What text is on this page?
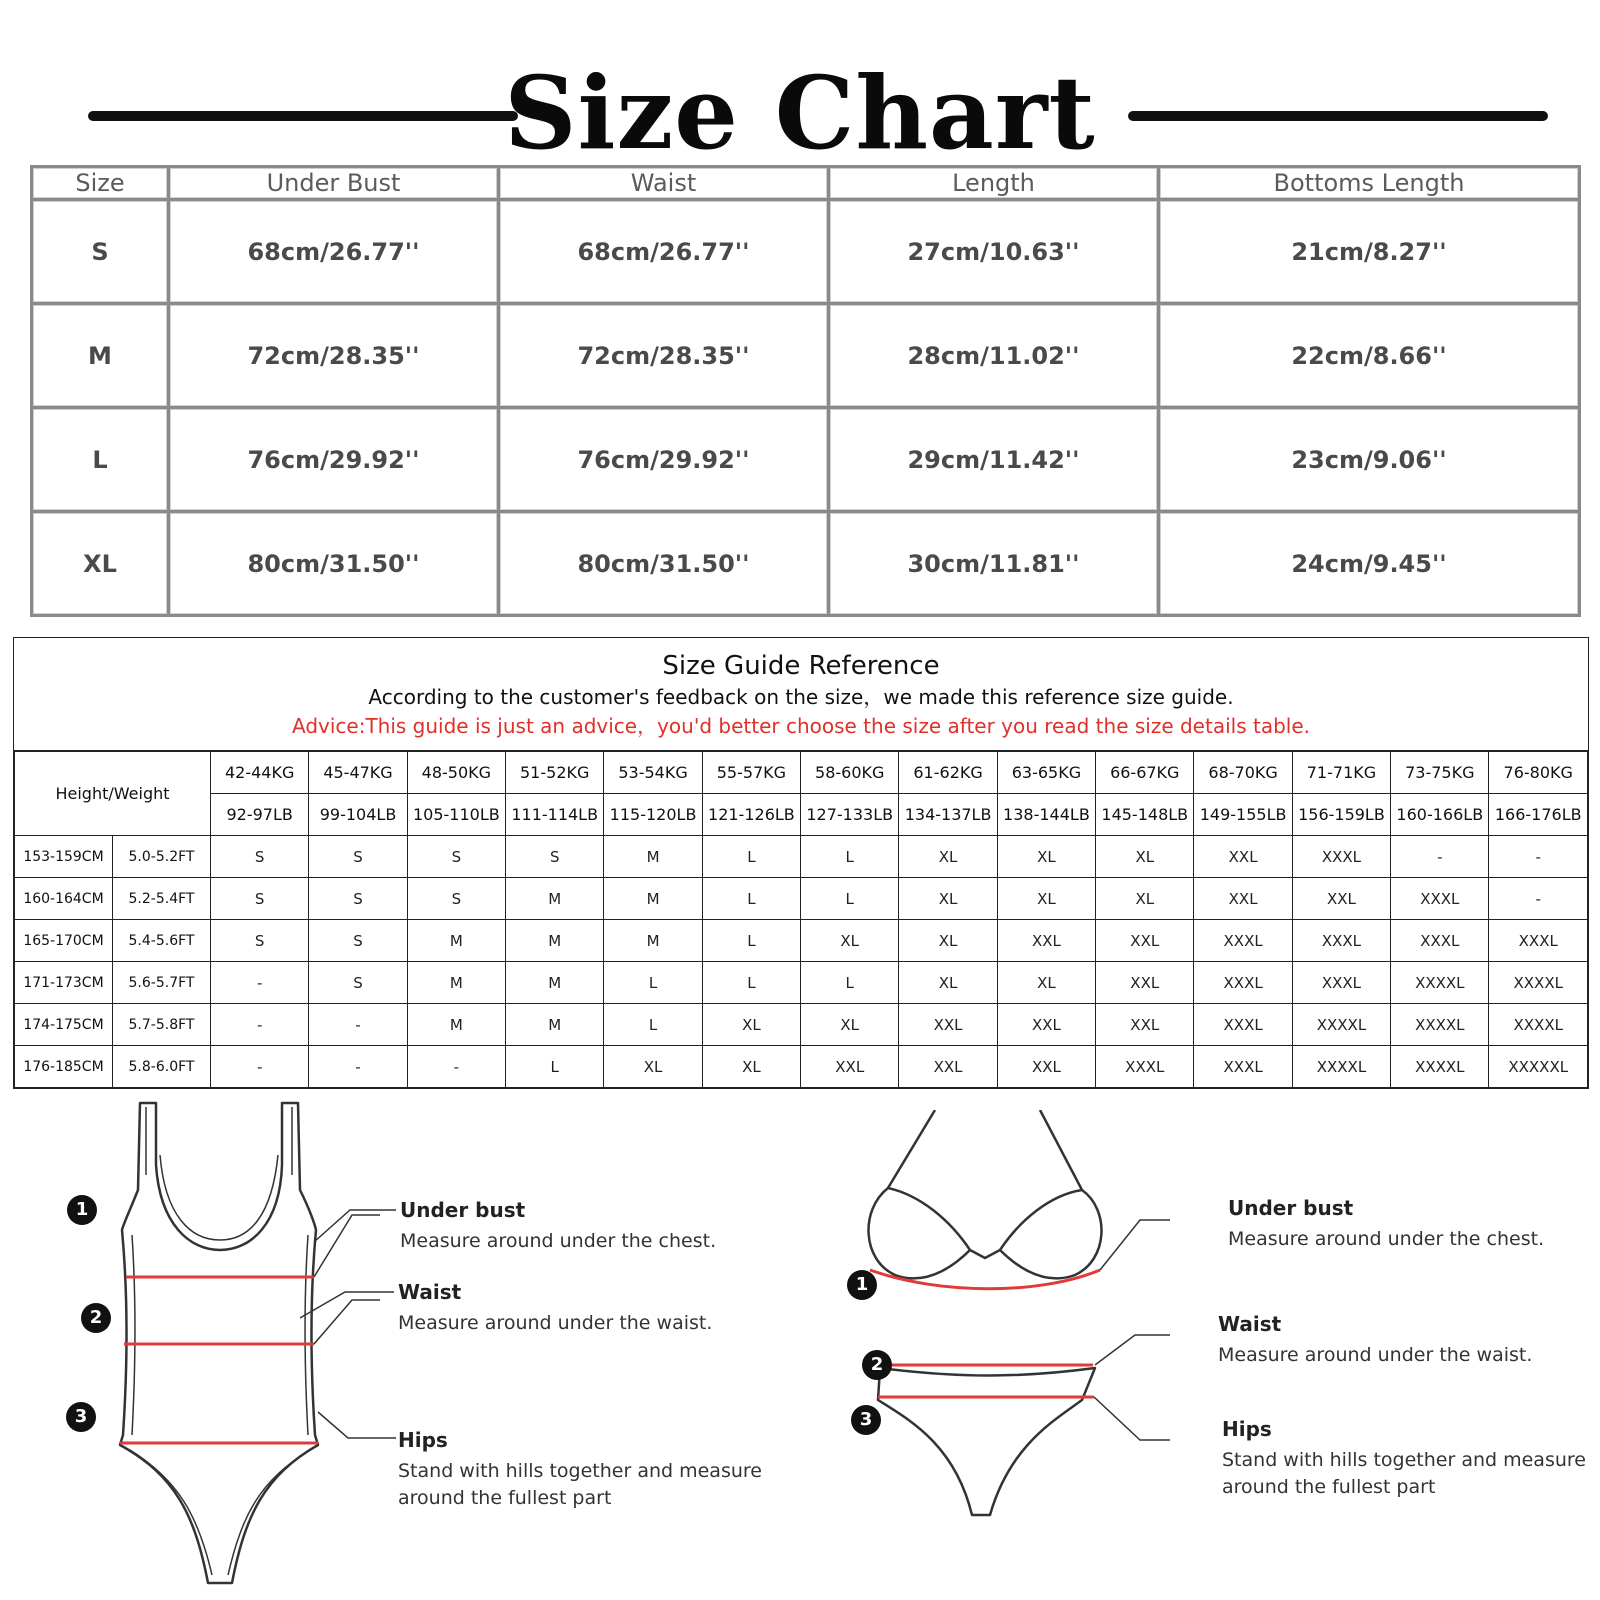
Size Chart
Size	Under Bust	Waist	Length	Bottoms Length
S	68cm/26.77''	68cm/26.77''	27cm/10.63''	21cm/8.27''
M	72cm/28.35''	72cm/28.35''	28cm/11.02''	22cm/8.66''
L	76cm/29.92''	76cm/29.92''	29cm/11.42''	23cm/9.06''
XL	80cm/31.50''	80cm/31.50''	30cm/11.81''	24cm/9.45''
Size Guide Reference
According to the customer's feedback on the size，we made this reference size guide.
Advice:This guide is just an advice，you'd better choose the size after you read the size details table.
Height/Weight		42-44KG	45-47KG	48-50KG	51-52KG	53-54KG	55-57KG	58-60KG	61-62KG	63-65KG	66-67KG	68-70KG	71-71KG	73-75KG	76-80KG
		92-97LB	99-104LB	105-110LB	111-114LB	115-120LB	121-126LB	127-133LB	134-137LB	138-144LB	145-148LB	149-155LB	156-159LB	160-166LB	166-176LB
153-159CM	5.0-5.2FT	S	S	S	S	M	L	L	XL	XL	XL	XXL	XXXL	-	-
160-164CM	5.2-5.4FT	S	S	S	M	M	L	L	XL	XL	XL	XXL	XXL	XXXL	-
165-170CM	5.4-5.6FT	S	S	M	M	M	L	XL	XL	XXL	XXL	XXXL	XXXL	XXXL	XXXL
171-173CM	5.6-5.7FT	-	S	M	M	L	L	L	XL	XL	XXL	XXXL	XXXL	XXXXL	XXXXL
174-175CM	5.7-5.8FT	-	-	M	M	L	XL	XL	XXL	XXL	XXL	XXXL	XXXXL	XXXXL	XXXXL
176-185CM	5.8-6.0FT	-	-	-	L	XL	XL	XXL	XXL	XXL	XXXL	XXXL	XXXXL	XXXXL	XXXXXL
1
2
3
Under bust
Measure around under the chest.
Waist
Measure around under the waist.
Hips
Stand with hills together and measure
around the fullest part
1
2
3
Under bust
Measure around under the chest.
Waist
Measure around under the waist.
Hips
Stand with hills together and measure
around the fullest part
